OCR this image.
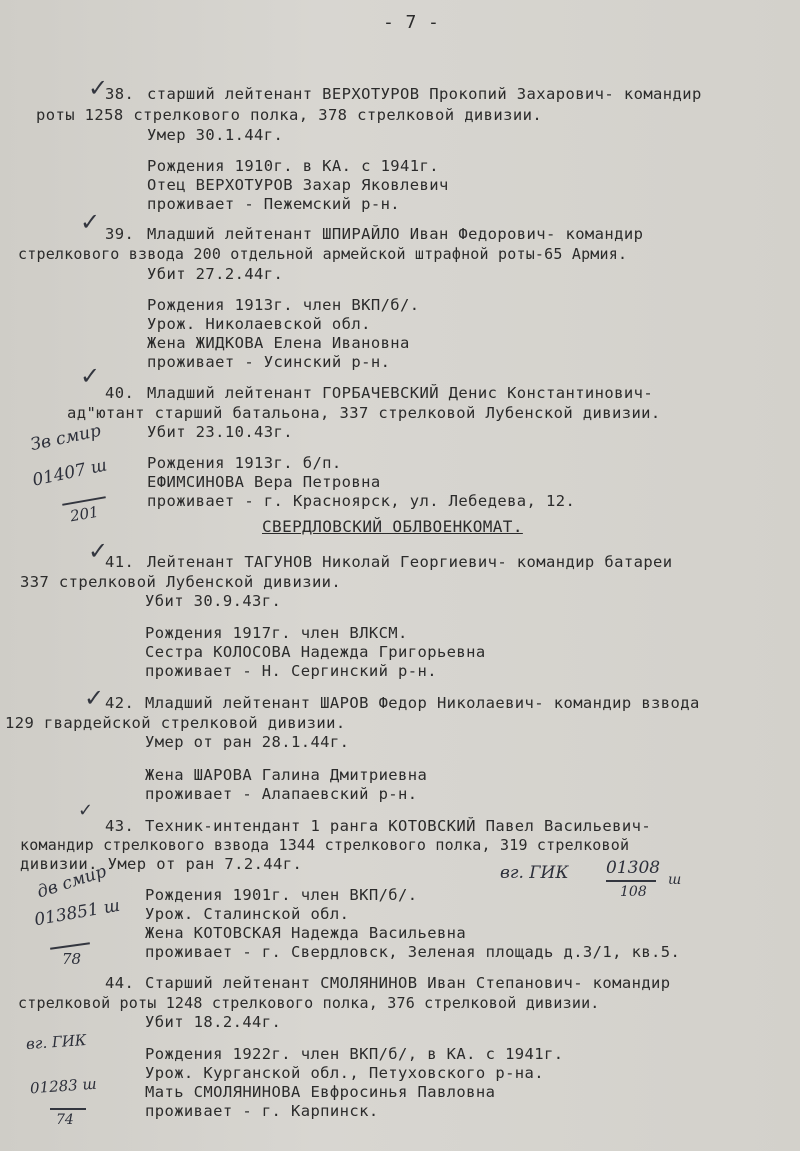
- 7 -
✓
38. старший лейтенант ВЕРХОТУРОВ Прокопий Захарович- командир
роты 1258 стрелкового полка, 378 стрелковой дивизии.
Умер 30.1.44г.
Рождения 1910г. в КА. с 1941г.
Отец ВЕРХОТУРОВ Захар Яковлевич
проживает - Пежемский р-н.
✓ 39. Младший лейтенант ШПИРАЙЛО Иван Федорович- командир
стрелкового взвода 200 отдельной армейской штрафной роты-65 Армия.
Убит 27.2.44г.
Рождения 1913г. член ВКП/б/.
Урож. Николаевской обл.
Жена ЖИДКОВА Елена Ивановна
проживает - Усинский р-н.
✓
40. Младший лейтенант ГОРБАЧЕВСКИЙ Денис Константинович-
ад"ютант старший батальона, 337 стрелковой Лубенской дивизии.
Убит 23.10.43г.
Рождения 1913г. б/п.
ЕФИМСИНОВА Вера Петровна
проживает - г. Красноярск, ул. Лебедева, 12.
Зв смир
01407 ш
201
СВЕРДЛОВСКИЙ ОБЛВОЕНКОМАТ.
✓
41. Лейтенант ТАГУНОВ Николай Георгиевич- командир батареи
337 стрелковой Лубенской дивизии.
Убит 30.9.43г.
Рождения 1917г. член ВЛКСМ.
Сестра КОЛОСОВА Надежда Григорьевна
проживает - Н. Сергинский р-н.
✓ 42. Младший лейтенант ШАРОВ Федор Николаевич- командир взвода
129 гвардейской стрелковой дивизии.
Умер от ран 28.1.44г.
Жена ШАРОВА Галина Дмитриевна
проживает - Алапаевский р-н.
✓
43. Техник-интендант 1 ранга КОТОВСКИЙ Павел Васильевич-
командир стрелкового взвода 1344 стрелкового полка, 319 стрелковой
дивизии. Умер от ран 7.2.44г.
Рождения 1901г. член ВКП/б/.
Урож. Сталинской обл.
Жена КОТОВСКАЯ Надежда Васильевна
проживает - г. Свердловск, Зеленая площадь д.3/1, кв.5.
дв смир
013851 ш
78
вг. ГИК 01308
108
ш
44. Старший лейтенант СМОЛЯНИНОВ Иван Степанович- командир
стрелковой роты 1248 стрелкового полка, 376 стрелковой дивизии.
Убит 18.2.44г.
Рождения 1922г. член ВКП/б/, в КА. с 1941г.
Урож. Курганской обл., Петуховского р-на.
Мать СМОЛЯНИНОВА Евфросинья Павловна
проживает - г. Карпинск.
вг. ГИК
01283 ш
74
